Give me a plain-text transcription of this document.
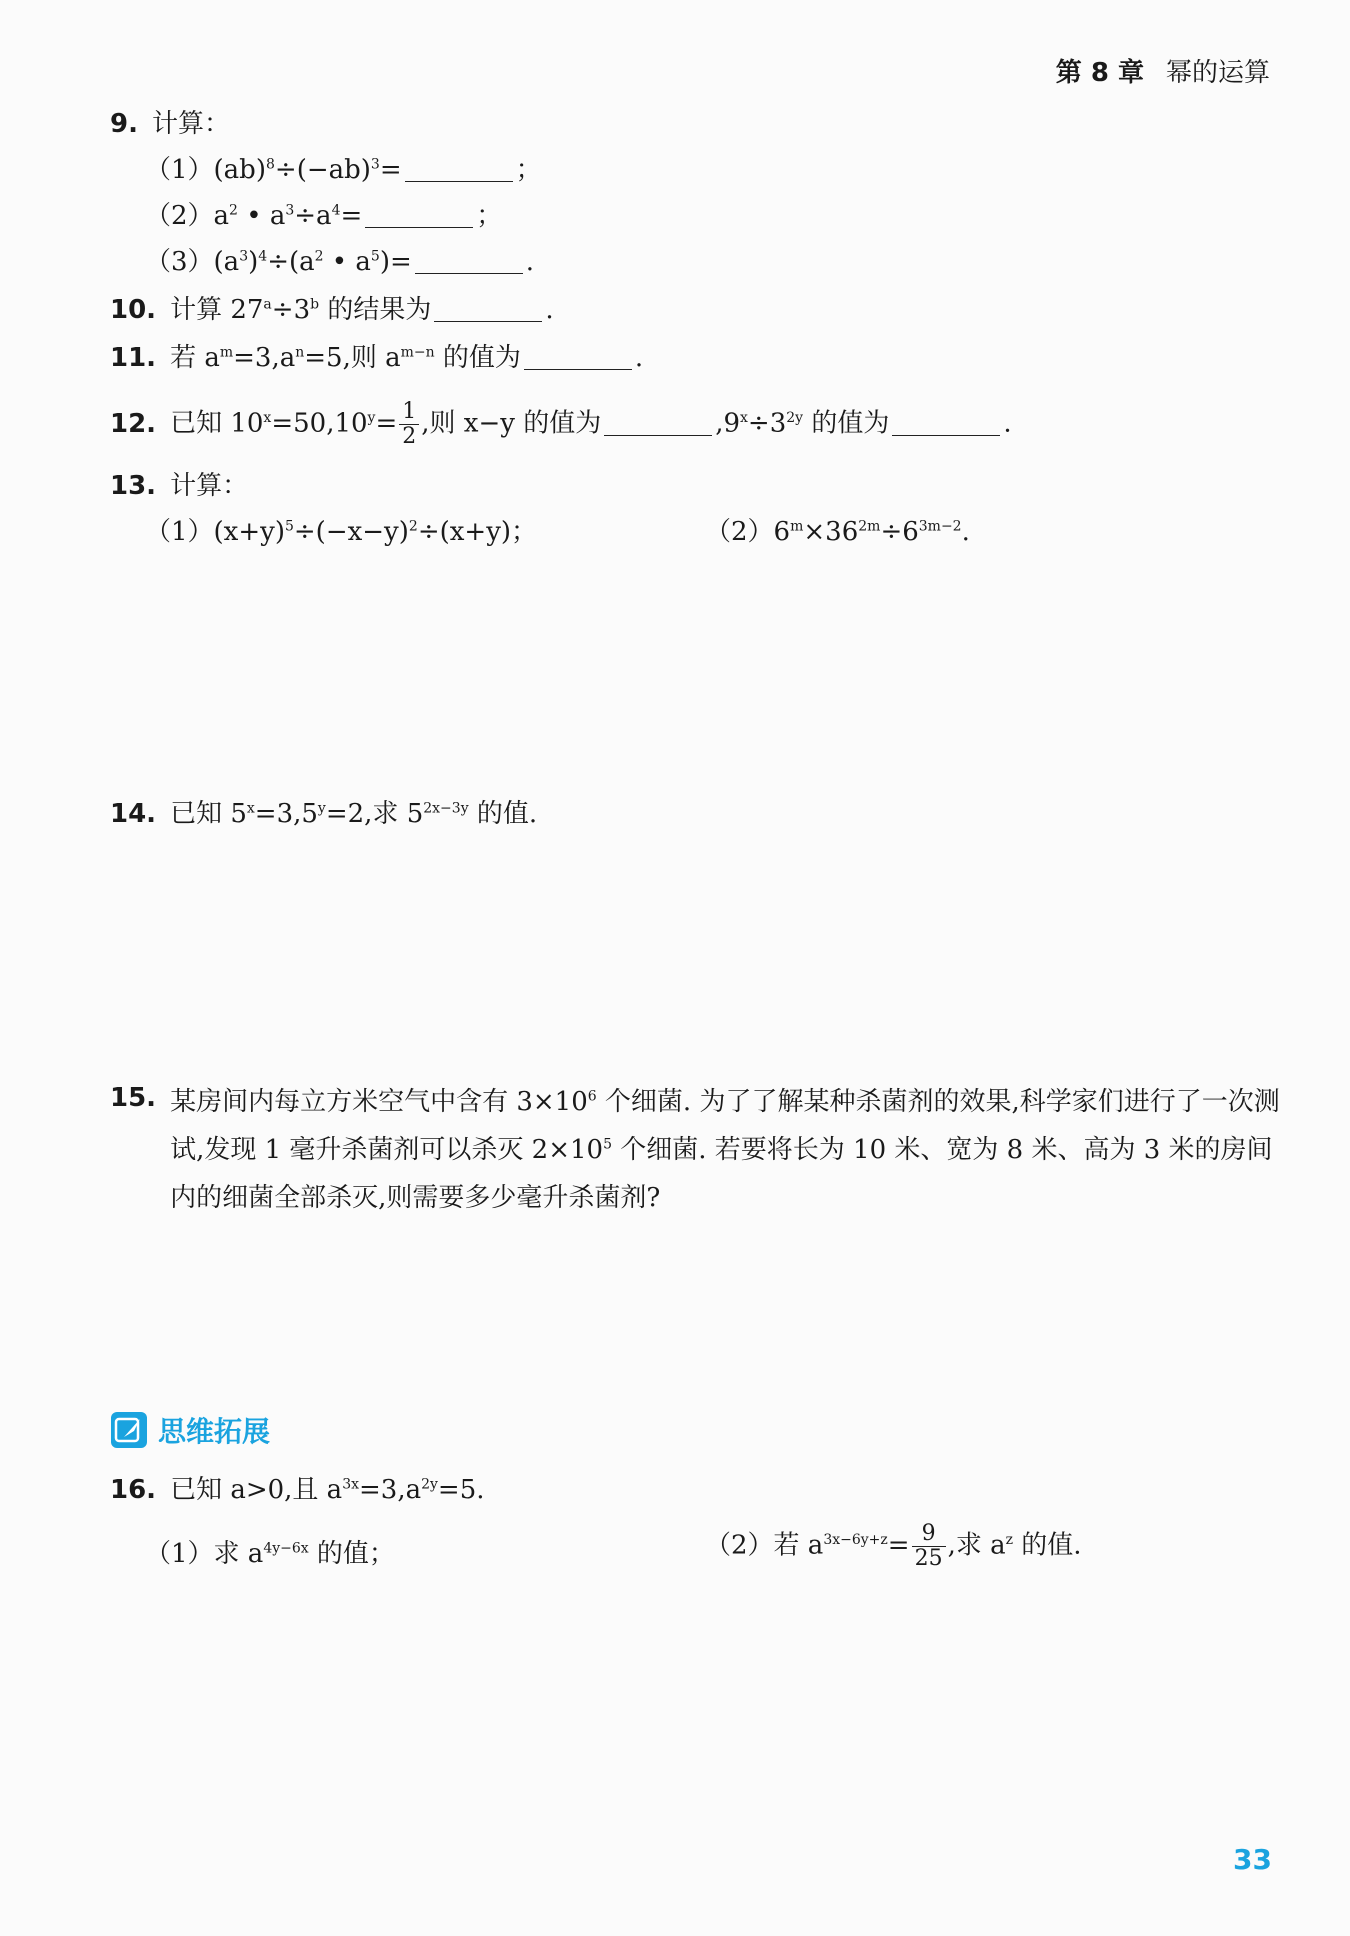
第 8 章 幂的运算
9. 计算：
$(1)(ab)^8\div(-ab)^3=$	；
$(2)a^2$ • $a^3\div a^4=$	；
$(3)(a^3)^4\div(a^2$ • $a^5)=$	.
10. 计算 $27^a\div 3^b$ 的结果为	.
11. 若 $a^m=3,a^n=5$,则 $a^{m-n}$ 的值为	.
12. 已知 $10^x=50,10^y= \frac{1}{2}$ ,则 x−y 的值为	$,9^x\div 3^{2y}$ 的值为	.
13. 计算：
$(1)(x+y)^5\div(-x-y)^2\div(x+y)$；	$(2)6^m\times 36^{2m}\div 6^{3m-2}$.
14. 已知 $5^x=3,5^y=2$,求 $5^{2x-3y}$ 的值.
15. 某房间内每立方米空气中含有 $3\times 10^6$ 个细菌. 为了了解某种杀菌剂的效果,科学家们进行了一次测试,发现 1 毫升杀菌剂可以杀灭 $2\times 10^5$ 个细菌. 若要将长为 10 米、宽为 8 米、高为 3 米的房间内的细菌全部杀灭,则需要多少毫升杀菌剂?
思维拓展
16. 已知 a>0,且 $a^{3x}=3,a^{2y}=5$.
（1）求 $a^{4y-6x}$ 的值；	（2）若 $a^{3x-6y+z}= \frac{9}{25}$ ,求 $a^z$ 的值.
33
